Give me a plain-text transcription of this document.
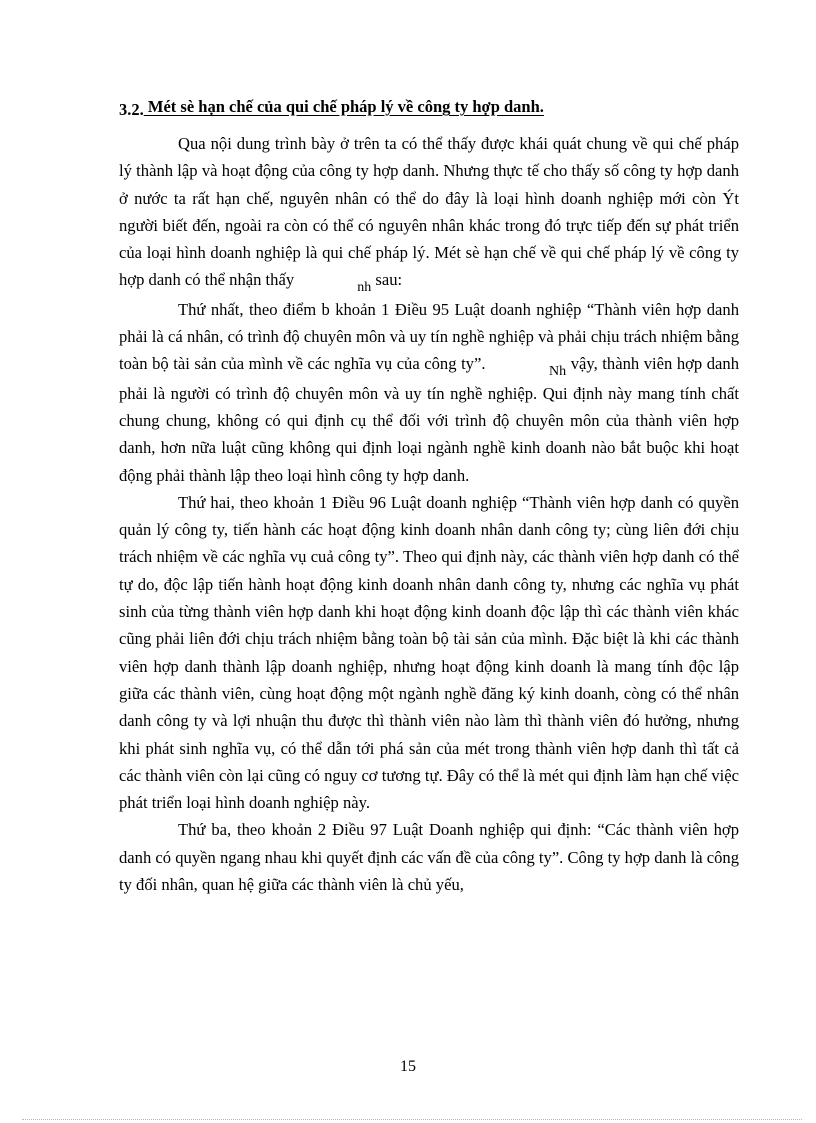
3.2. Mét sè hạn chế của qui chế pháp lý về công ty hợp danh.

Qua nội dung trình bày ở trên ta có thể thấy được khái quát chung về qui chế pháp lý thành lập và hoạt động của công ty hợp danh. Nhưng thực tế cho thấy số công ty hợp danh ở nước ta rất hạn chế, nguyên nhân có thể do đây là loại hình doanh nghiệp mới còn Ýt người biết đến, ngoài ra còn có thể có nguyên nhân khác trong đó trực tiếp đến sự phát triển của loại hình doanh nghiệp là qui chế pháp lý. Mét sè hạn chế về qui chế pháp lý về công ty hợp danh có thể nhận thấy	nh sau:

Thứ nhất, theo điểm b khoản 1 Điều 95 Luật doanh nghiệp “Thành viên hợp danh phải là cá nhân, có trình độ chuyên môn và uy tín nghề nghiệp và phải chịu trách nhiệm bằng toàn bộ tài sản của mình về các nghĩa vụ của công ty”.	Nh vậy, thành viên hợp danh phải là người có trình độ chuyên môn và uy tín nghề nghiệp. Qui định này mang tính chất chung chung, không có qui định cụ thể đối với trình độ chuyên môn của thành viên hợp danh, hơn nữa luật cũng không qui định loại ngành nghề kinh doanh nào bắt buộc khi hoạt động phải thành lập theo loại hình công ty hợp danh.

Thứ hai, theo khoản 1 Điều 96 Luật doanh nghiệp “Thành viên hợp danh có quyền quản lý công ty, tiến hành các hoạt động kinh doanh nhân danh công ty; cùng liên đới chịu trách nhiệm về các nghĩa vụ cuả công ty”. Theo qui định này, các thành viên hợp danh có thể tự do, độc lập tiến hành hoạt động kinh doanh nhân danh công ty, nhưng các nghĩa vụ phát sinh của từng thành viên hợp danh khi hoạt động kinh doanh độc lập thì các thành viên khác cũng phải liên đới chịu trách nhiệm bằng toàn bộ tài sản của mình. Đặc biệt là khi các thành viên hợp danh thành lập doanh nghiệp, nhưng hoạt động kinh doanh là mang tính độc lập giữa các thành viên, cùng hoạt động một ngành nghề đăng ký kinh doanh, còng có thể nhân danh công ty và lợi nhuận thu được thì thành viên nào làm thì thành viên đó hưởng, nhưng khi phát sinh nghĩa vụ, có thể dẫn tới phá sản của mét trong thành viên hợp danh thì tất cả các thành viên còn lại cũng có nguy cơ tương tự. Đây có thể là mét qui định làm hạn chế việc phát triển loại hình doanh nghiệp này.

Thứ ba, theo khoản 2 Điều 97 Luật Doanh nghiệp qui định: “Các thành viên hợp danh có quyền ngang nhau khi quyết định các vấn đề của công ty”. Công ty hợp danh là công ty đối nhân, quan hệ giữa các thành viên là chủ yếu,

15
